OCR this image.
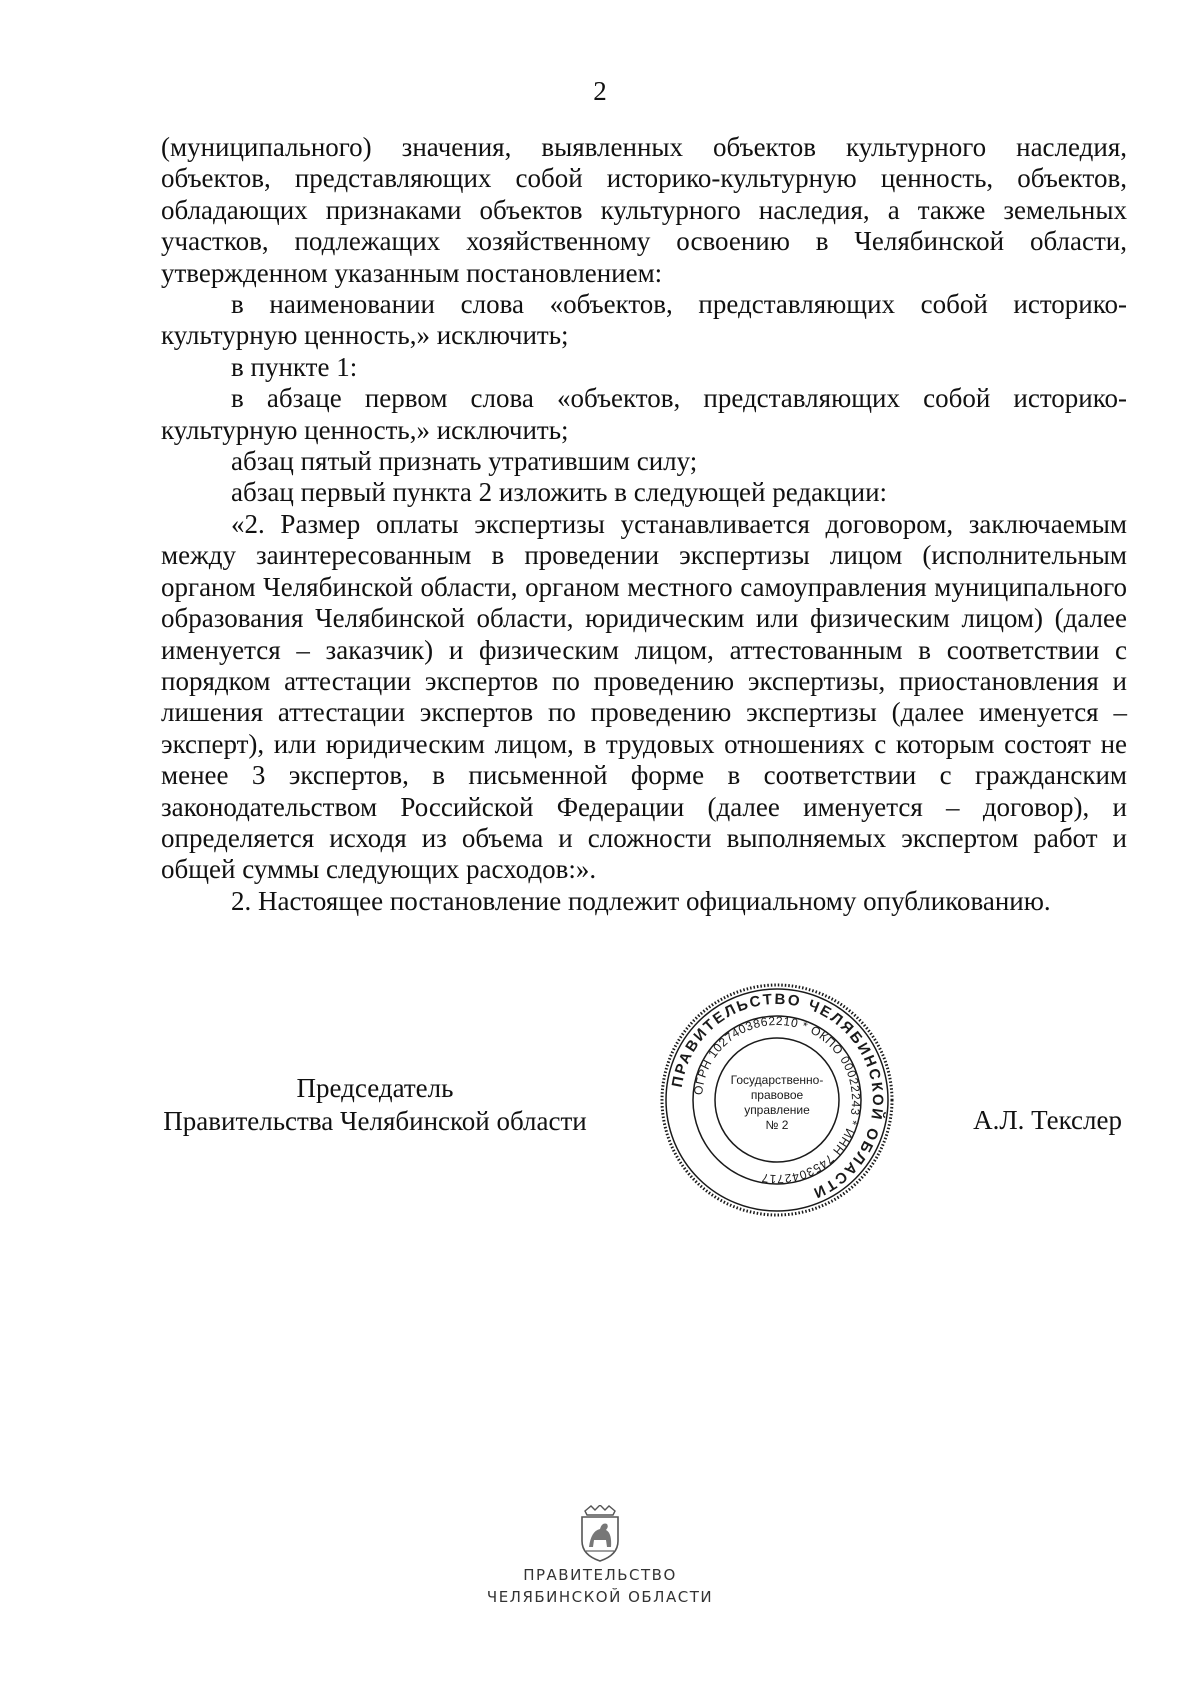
2

(муниципального) значения, выявленных объектов культурного наследия, объектов, представляющих собой историко-культурную ценность, объектов, обладающих признаками объектов культурного наследия, а также земельных участков, подлежащих хозяйственному освоению в Челябинской области, утвержденном указанным постановлением:

в наименовании слова «объектов, представляющих собой историко-культурную ценность,» исключить;

в пункте 1:

в абзаце первом слова «объектов, представляющих собой историко-культурную ценность,» исключить;

абзац пятый признать утратившим силу;

абзац первый пункта 2 изложить в следующей редакции:

«2. Размер оплаты экспертизы устанавливается договором, заключаемым между заинтересованным в проведении экспертизы лицом (исполнительным органом Челябинской области, органом местного самоуправления муниципального образования Челябинской области, юридическим или физическим лицом) (далее именуется – заказчик) и физическим лицом, аттестованным в соответствии с порядком аттестации экспертов по проведению экспертизы, приостановления и лишения аттестации экспертов по проведению экспертизы (далее именуется – эксперт), или юридическим лицом, в трудовых отношениях с которым состоят не менее 3 экспертов, в письменной форме в соответствии с гражданским законодательством Российской Федерации (далее именуется – договор), и определяется исходя из объема и сложности выполняемых экспертом работ и общей суммы следующих расходов:».

2. Настоящее постановление подлежит официальному опубликованию.

Председатель
Правительства Челябинской области
ПРАВИТЕЛЬСТВО ЧЕЛЯБИНСКОЙ ОБЛАСТИ
ОГРН 1027403862210 * ОКПО 00022243 * ИНН 7453042717
Государственно-
правовое
управление
№ 2	А.Л. Текслер
ПРАВИТЕЛЬСТВО
ЧЕЛЯБИНСКОЙ ОБЛАСТИ
